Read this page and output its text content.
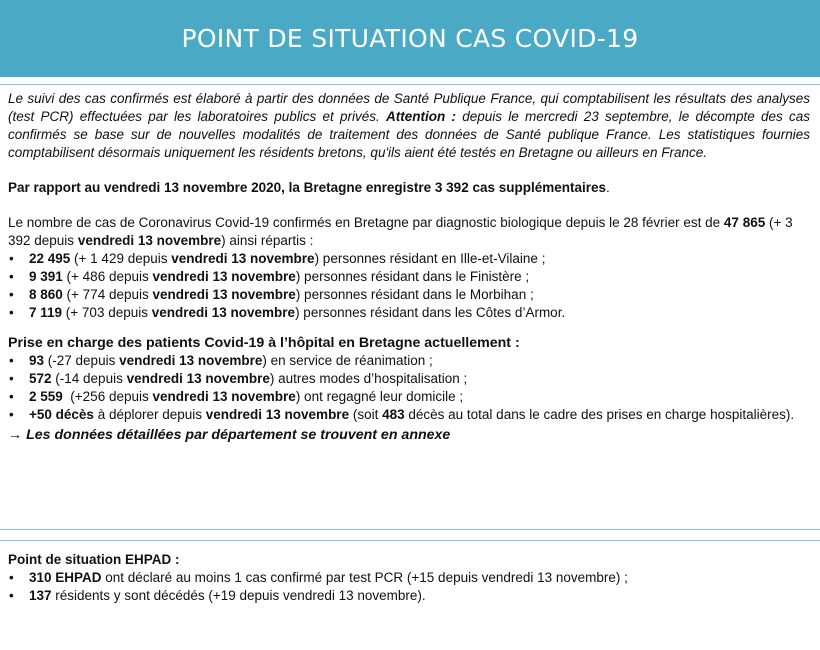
POINT DE SITUATION CAS COVID-19

Le suivi des cas confirmés est élaboré à partir des données de Santé Publique France, qui comptabilisent les résultats des analyses (test PCR) effectuées par les laboratoires publics et privés. Attention : depuis le mercredi 23 septembre, le décompte des cas confirmés se base sur de nouvelles modalités de traitement des données de Santé publique France. Les statistiques fournies comptabilisent désormais uniquement les résidents bretons, qu'ils aient été testés en Bretagne ou ailleurs en France.

Par rapport au vendredi 13 novembre 2020, la Bretagne enregistre 3 392 cas supplémentaires.

Le nombre de cas de Coronavirus Covid-19 confirmés en Bretagne par diagnostic biologique depuis le 28 février est de 47 865 (+ 3 392 depuis vendredi 13 novembre) ainsi répartis :

• 22 495 (+ 1 429 depuis vendredi 13 novembre) personnes résidant en Ille-et-Vilaine ;
• 9 391 (+ 486 depuis vendredi 13 novembre) personnes résidant dans le Finistère ;
• 8 860 (+ 774 depuis vendredi 13 novembre) personnes résidant dans le Morbihan ;
• 7 119 (+ 703 depuis vendredi 13 novembre) personnes résidant dans les Côtes d’Armor.

Prise en charge des patients Covid-19 à l’hôpital en Bretagne actuellement :

• 93 (-27 depuis vendredi 13 novembre) en service de réanimation ;
• 572 (-14 depuis vendredi 13 novembre) autres modes d’hospitalisation ;
• 2 559  (+256 depuis vendredi 13 novembre) ont regagné leur domicile ;
• +50 décès à déplorer depuis vendredi 13 novembre (soit 483 décès au total dans le cadre des prises en charge hospitalières).

→ Les données détaillées par département se trouvent en annexe

Point de situation EHPAD :

• 310 EHPAD ont déclaré au moins 1 cas confirmé par test PCR (+15 depuis vendredi 13 novembre) ;
• 137 résidents y sont décédés (+19 depuis vendredi 13 novembre).
